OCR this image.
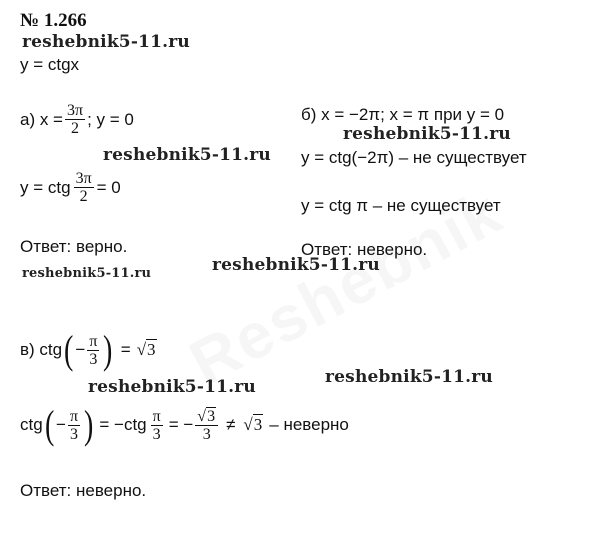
№ 1.266
reshebnik5-11.ru
y = ctgx
а) $x = \frac{3\pi}{2}$ ; y = 0
reshebnik5-11.ru
y = ctg $\frac{3\pi}{2} = 0$
Ответ: верно.
reshebnik5-11.ru
б) x = −2π; x = π при y = 0
reshebnik5-11.ru
y = ctg(−2π) – не существует
y = ctg π – не существует
Ответ: неверно.
reshebnik5-11.ru
в) ctg ( − $\frac{\pi}{3}$ ) = √3
reshebnik5-11.ru	reshebnik5-11.ru
ctg ( − $\frac{\pi}{3}$ ) = $-ctg \frac{\pi}{3}$ = − $\frac{√3}{3} \ne √3$ – неверно
Ответ: неверно.
